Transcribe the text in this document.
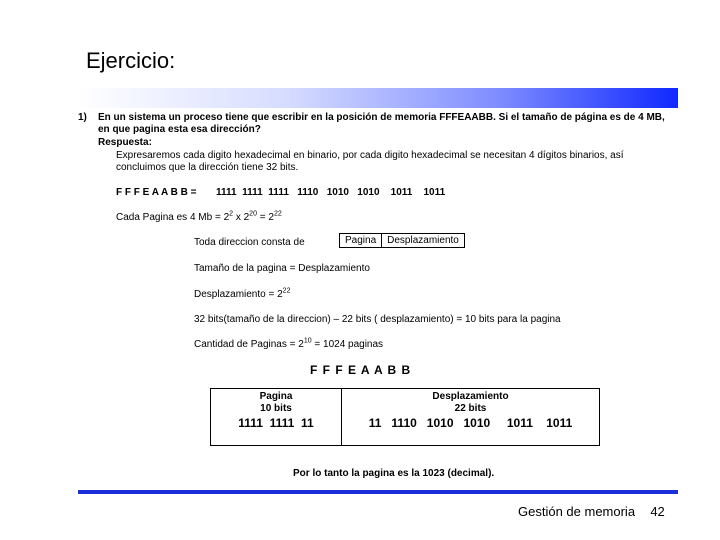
Ejercicio:
1) En un sistema un proceso tiene que escribir en la posición de memoria FFFEAABB. Si el tamaño de página es de 4 MB,
en que pagina esta esa dirección?
Respuesta:
Expresaremos cada digito hexadecimal en binario, por cada digito hexadecimal se necesitan 4 dígitos binarios, así
concluimos que la dirección tiene 32 bits.
F F F E A A B B = 1111  1111  1111   1110   1010   1010    1011    1011
Cada Pagina es 4 $Mb = 2^2$ x $2^{20} = 2^{22}$
Toda direccion consta de	Pagina	Desplazamiento
Tamaño de la pagina = Desplazamiento
Desplazamiento = $2^{22}$
32 bits(tamaño de la direccion) – 22 bits ( desplazamiento) = 10 bits para la pagina
Cantidad de Paginas = $2^{10} = 1024$ paginas
F F F E A A B B
Pagina
10 bits
1111  1111  11
Desplazamiento
22 bits
11   1110   1010   1010     1011    1011
Por lo tanto la pagina es la 1023 (decimal).
Gestión de memoria 42
